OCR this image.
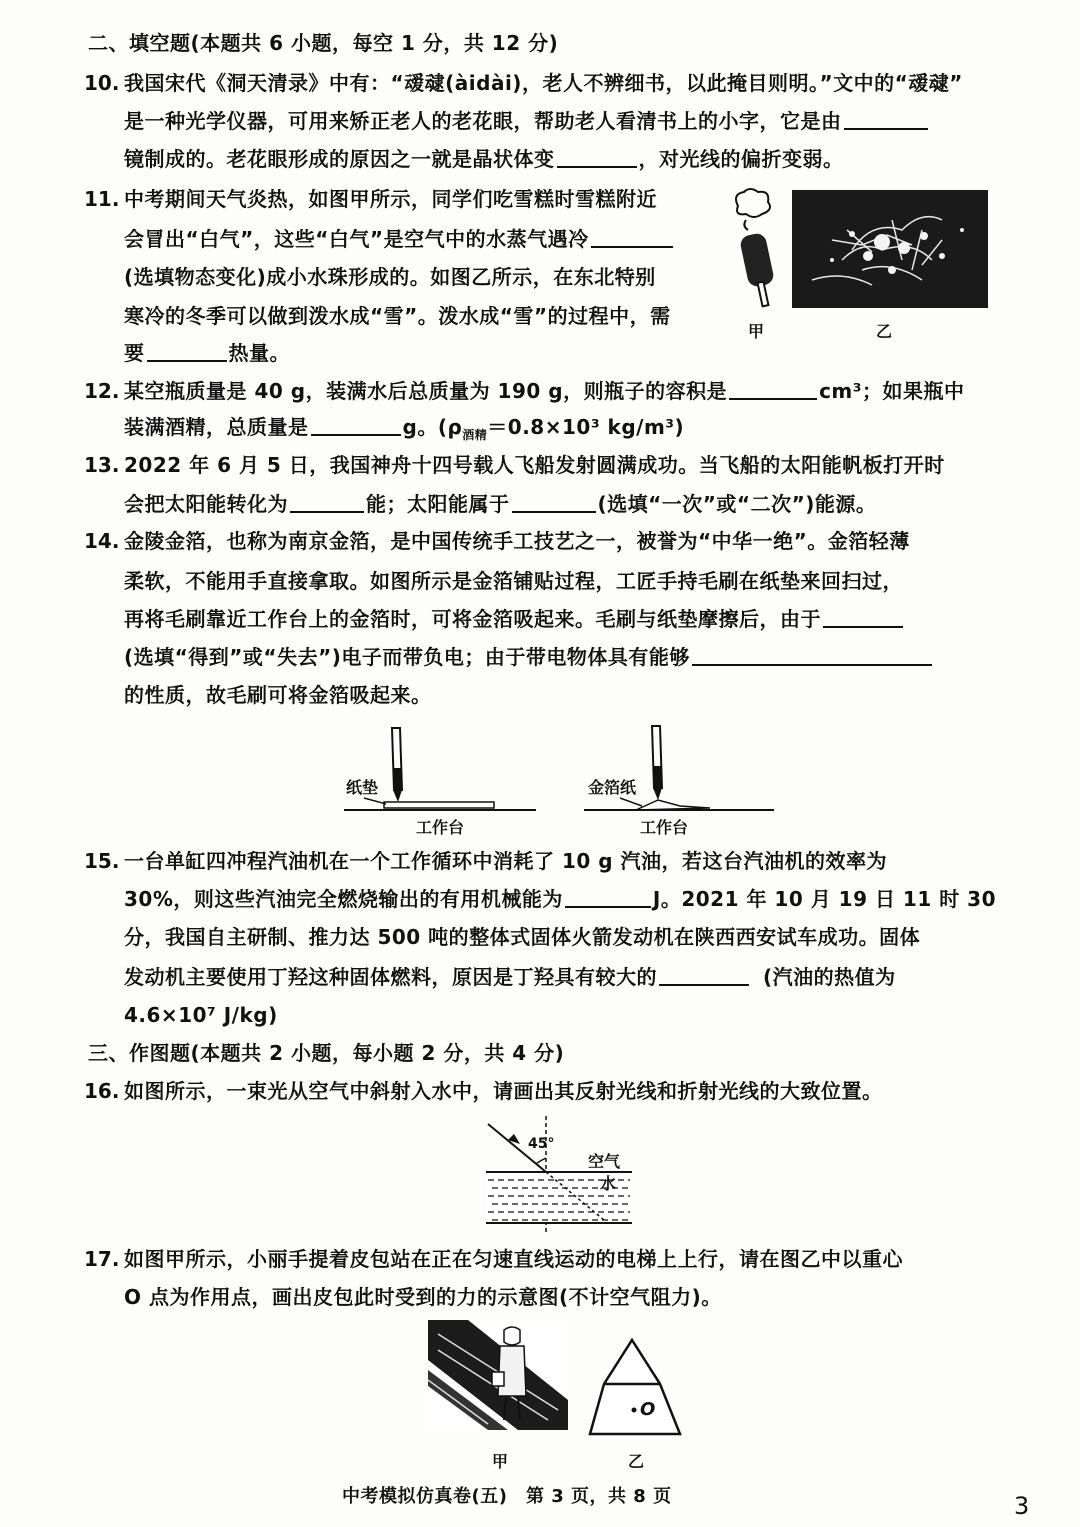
二、填空题(本题共 6 小题，每空 1 分，共 12 分)
10. 我国宋代《洞天清录》中有：“叆叇(àidài)，老人不辨细书，以此掩目则明。”文中的“叆叇”
是一种光学仪器，可用来矫正老人的老花眼，帮助老人看清书上的小字，它是由
镜制成的。老花眼形成的原因之一就是晶状体变	，对光线的偏折变弱。
11. 中考期间天气炎热，如图甲所示，同学们吃雪糕时雪糕附近
会冒出“白气”，这些“白气”是空气中的水蒸气遇冷
(选填物态变化)成小水珠形成的。如图乙所示，在东北特别
寒冷的冬季可以做到泼水成“雪”。泼水成“雪”的过程中，需
要	热量。
甲	乙
12. 某空瓶质量是 40 g，装满水后总质量为 190 g，则瓶子的容积是	cm³；如果瓶中
装满酒精，总质量是	g。($\rho_{酒精}=0.8\times 10^3$ kg/m³)
13. 2022 年 6 月 5 日，我国神舟十四号载人飞船发射圆满成功。当飞船的太阳能帆板打开时
会把太阳能转化为	能；太阳能属于	(选填“一次”或“二次”)能源。
14. 金陵金箔，也称为南京金箔，是中国传统手工技艺之一，被誉为“中华一绝”。金箔轻薄
柔软，不能用手直接拿取。如图所示是金箔铺贴过程，工匠手持毛刷在纸垫来回扫过，
再将毛刷靠近工作台上的金箔时，可将金箔吸起来。毛刷与纸垫摩擦后，由于
(选填“得到”或“失去”)电子而带负电；由于带电物体具有能够
的性质，故毛刷可将金箔吸起来。
纸垫
工作台
金箔纸
工作台
15. 一台单缸四冲程汽油机在一个工作循环中消耗了 10 g 汽油，若这台汽油机的效率为
30%，则这些汽油完全燃烧输出的有用机械能为	J。2021 年 10 月 19 日 11 时 30
分，我国自主研制、推力达 500 吨的整体式固体火箭发动机在陕西西安试车成功。固体
发动机主要使用丁羟这种固体燃料，原因是丁羟具有较大的	(汽油的热值为
4.6×10⁷ J/kg)
三、作图题(本题共 2 小题，每小题 2 分，共 4 分)
16. 如图所示，一束光从空气中斜射入水中，请画出其反射光线和折射光线的大致位置。
45°
空气
水
17. 如图甲所示，小丽手提着皮包站在正在匀速直线运动的电梯上上行，请在图乙中以重心
O 点为作用点，画出皮包此时受到的力的示意图(不计空气阻力)。
甲
O
乙
中考模拟仿真卷(五)　第 3 页，共 8 页	3
